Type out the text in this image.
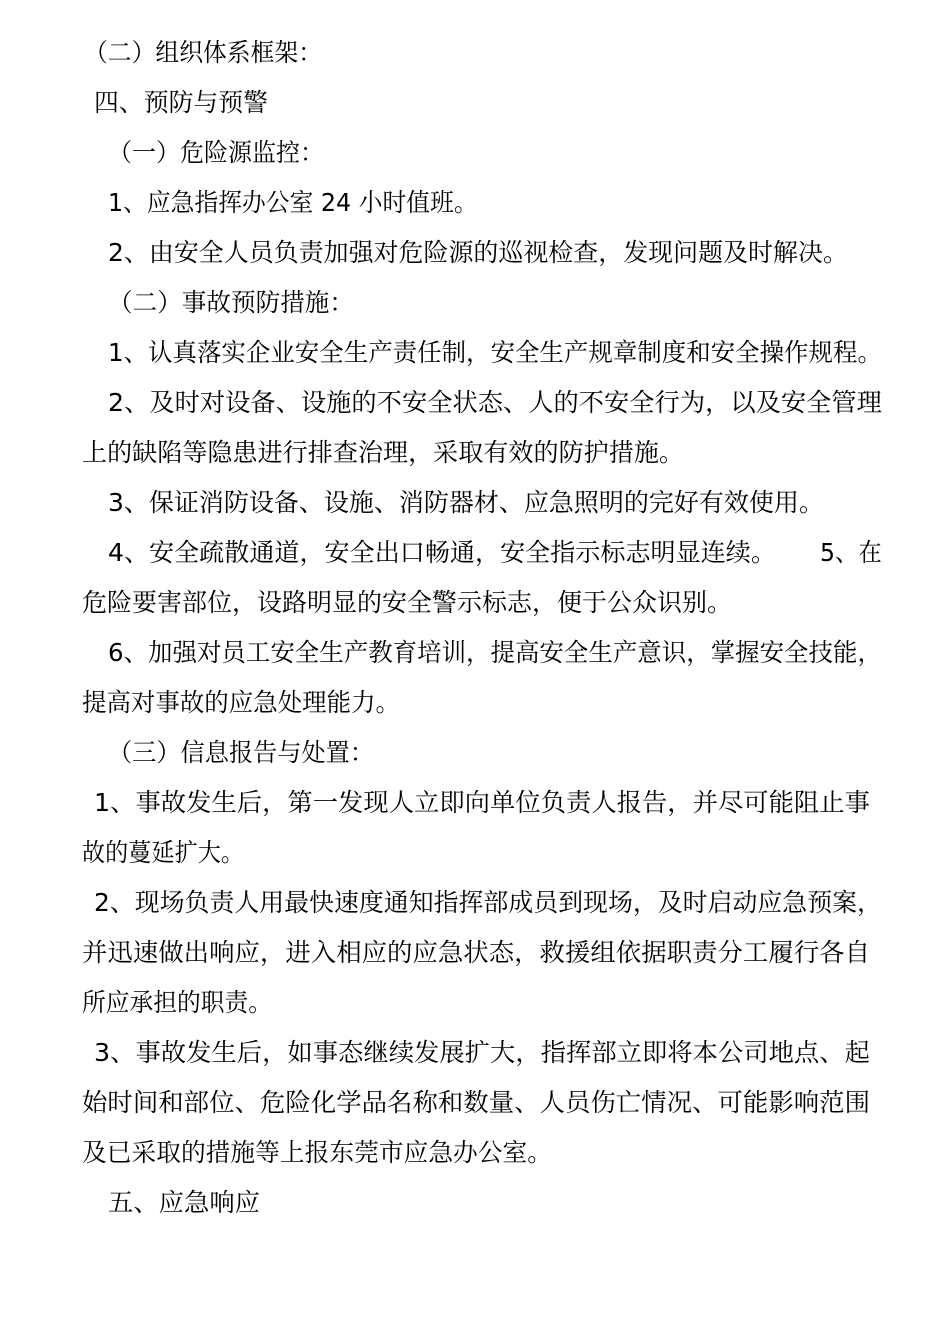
（二）组织体系框架：
四、预防与预警
（一）危险源监控：
1、应急指挥办公室 24 小时值班。
2、由安全人员负责加强对危险源的巡视检查，发现问题及时解决。
（二）事故预防措施：
1、认真落实企业安全生产责任制，安全生产规章制度和安全操作规程。
2、及时对设备、设施的不安全状态、人的不安全行为，以及安全管理
上的缺陷等隐患进行排查治理，采取有效的防护措施。
3、保证消防设备、设施、消防器材、应急照明的完好有效使用。
4、安全疏散通道，安全出口畅通，安全指示标志明显连续。 5、在
危险要害部位，设路明显的安全警示标志，便于公众识别。
6、加强对员工安全生产教育培训，提高安全生产意识，掌握安全技能，
提高对事故的应急处理能力。
（三）信息报告与处置：
1、事故发生后，第一发现人立即向单位负责人报告，并尽可能阻止事
故的蔓延扩大。
2、现场负责人用最快速度通知指挥部成员到现场，及时启动应急预案，
并迅速做出响应，进入相应的应急状态，救援组依据职责分工履行各自
所应承担的职责。
3、事故发生后，如事态继续发展扩大，指挥部立即将本公司地点、起
始时间和部位、危险化学品名称和数量、人员伤亡情况、可能影响范围
及已采取的措施等上报东莞市应急办公室。
五、应急响应
